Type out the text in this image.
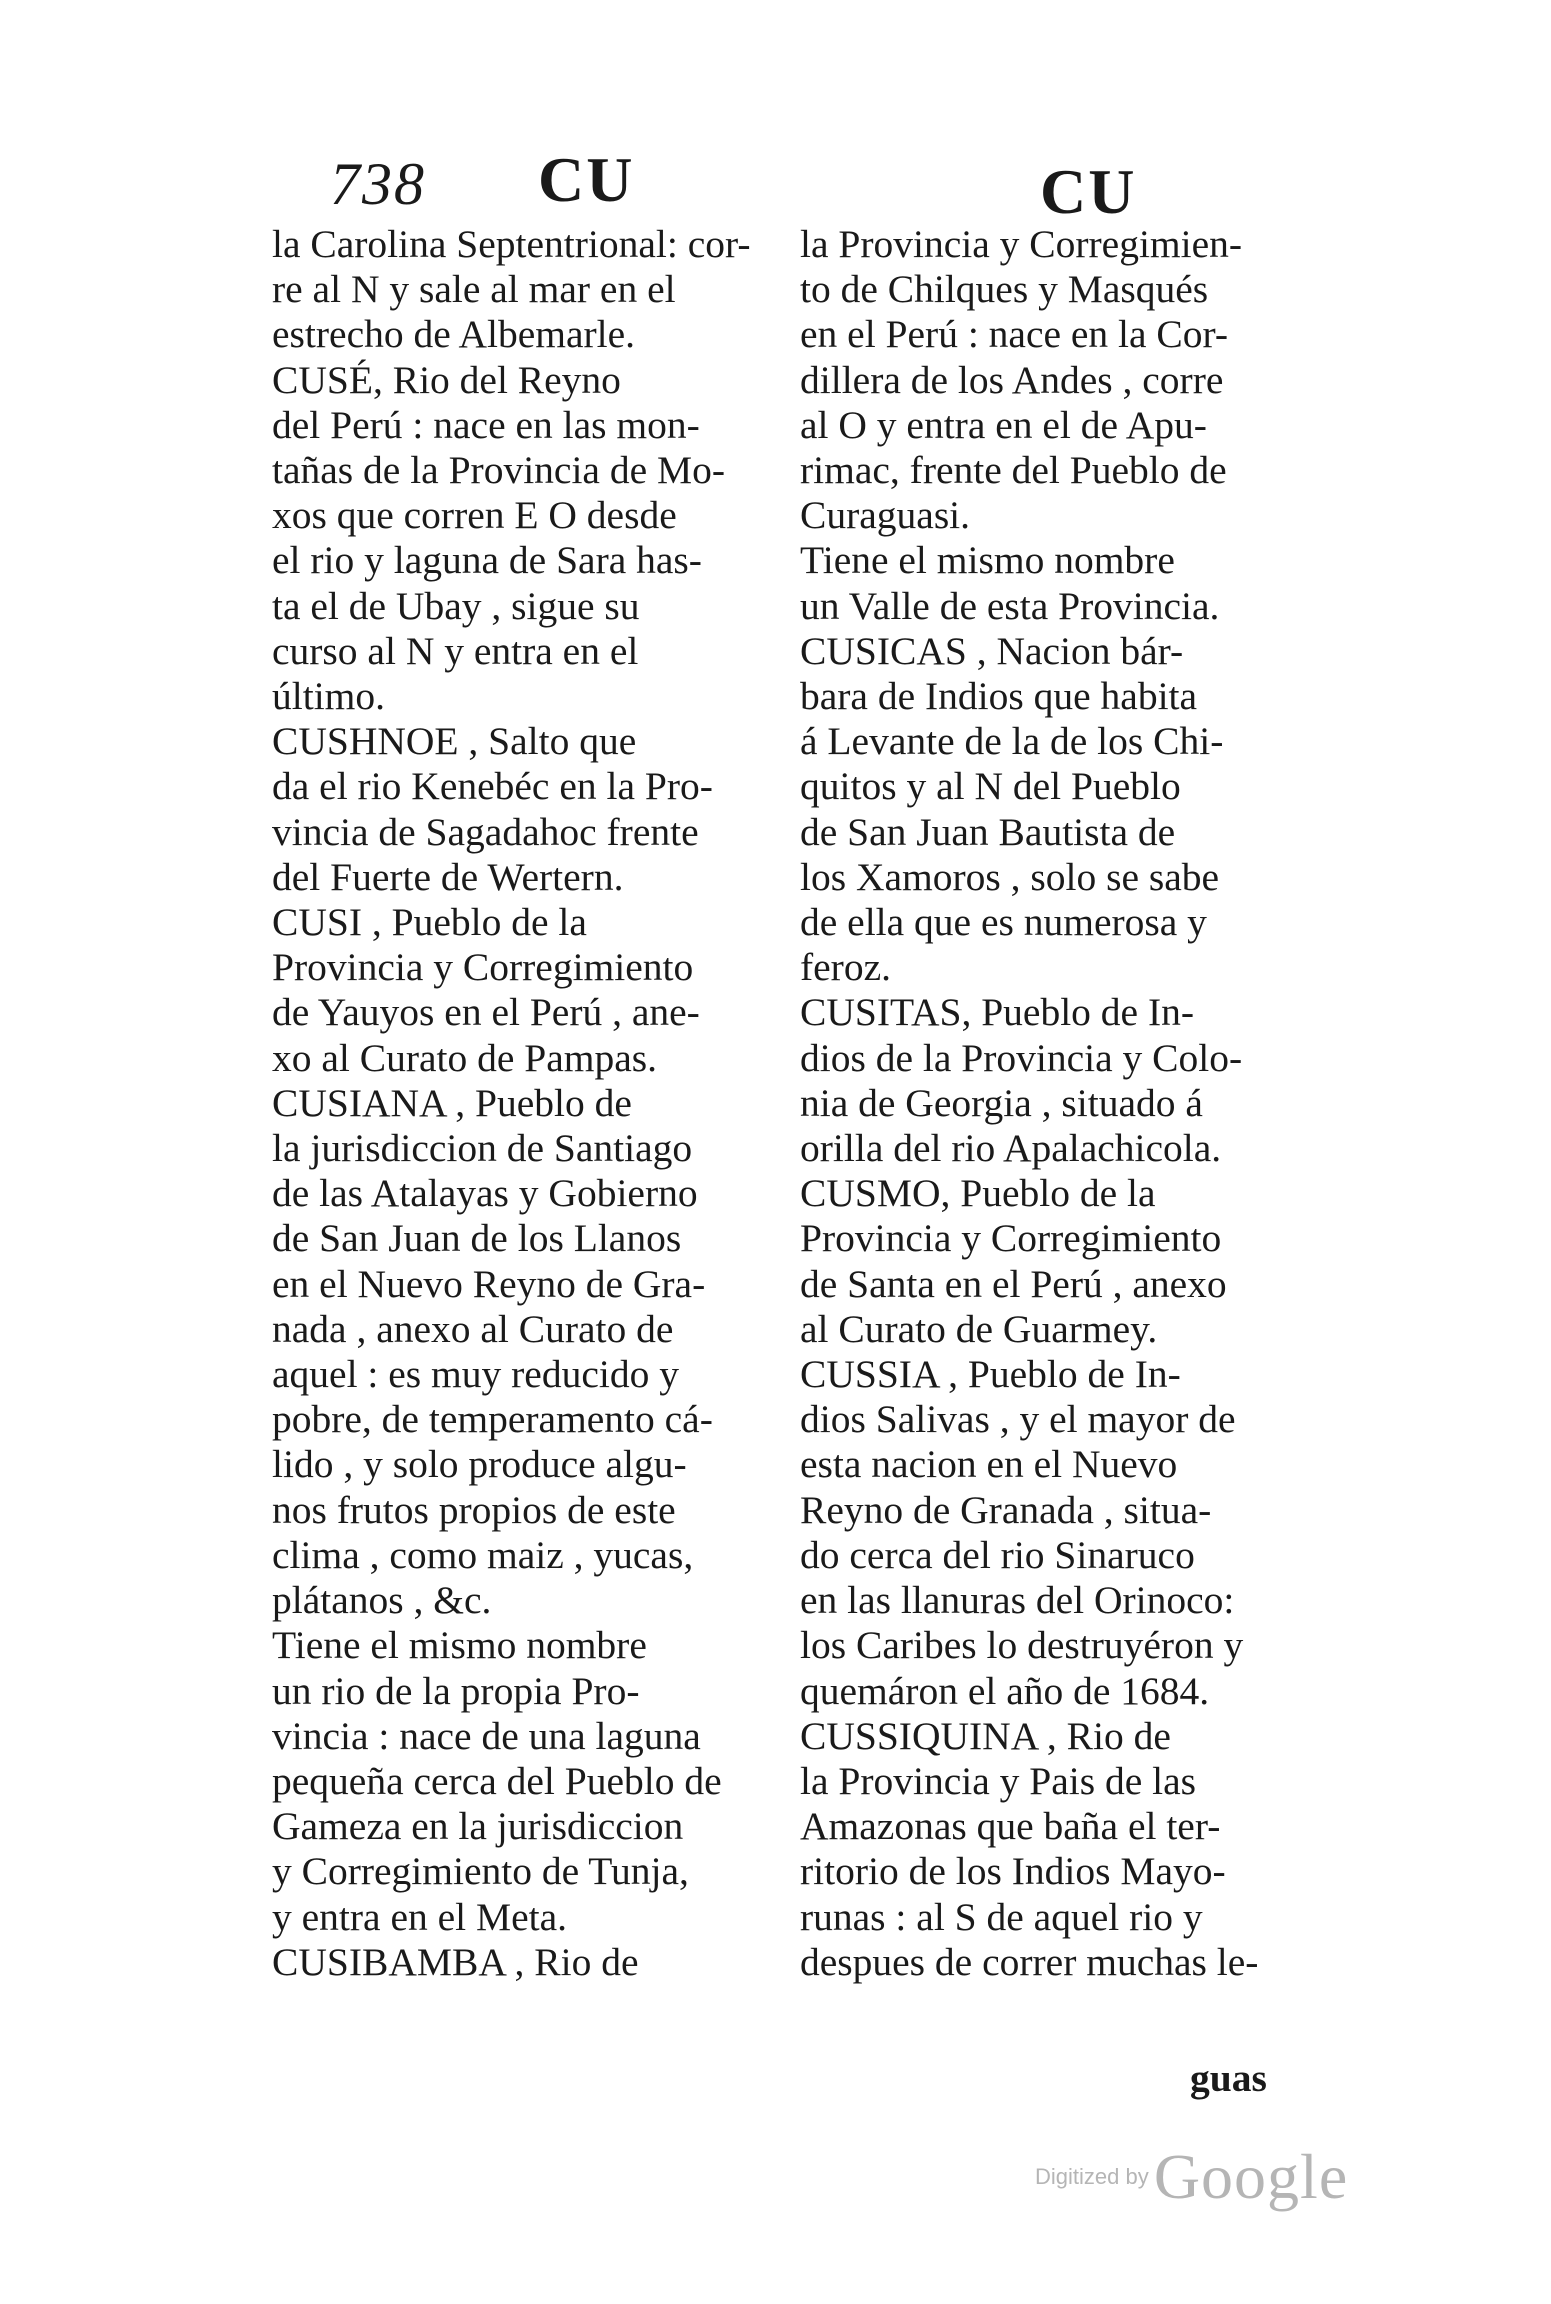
738 CU	CU
la Carolina Septentrional: cor-
re al N y sale al mar en el
estrecho de Albemarle.
CUSÉ, Rio del Reyno
del Perú : nace en las mon-
tañas de la Provincia de Mo-
xos que corren E O desde
el rio y laguna de Sara has-
ta el de Ubay , sigue su
curso al N y entra en el
último.
CUSHNOE , Salto que
da el rio Kenebéc en la Pro-
vincia de Sagadahoc frente
del Fuerte de Wertern.
CUSI , Pueblo de la
Provincia y Corregimiento
de Yauyos en el Perú , ane-
xo al Curato de Pampas.
CUSIANA , Pueblo de
la jurisdiccion de Santiago
de las Atalayas y Gobierno
de San Juan de los Llanos
en el Nuevo Reyno de Gra-
nada , anexo al Curato de
aquel : es muy reducido y
pobre, de temperamento cá-
lido , y solo produce algu-
nos frutos propios de este
clima , como maiz , yucas,
plátanos , &c.
Tiene el mismo nombre
un rio de la propia Pro-
vincia : nace de una laguna
pequeña cerca del Pueblo de
Gameza en la jurisdiccion
y Corregimiento de Tunja,
y entra en el Meta.
CUSIBAMBA , Rio de
la Provincia y Corregimien-
to de Chilques y Masqués
en el Perú : nace en la Cor-
dillera de los Andes , corre
al O y entra en el de Apu-
rimac, frente del Pueblo de
Curaguasi.
Tiene el mismo nombre
un Valle de esta Provincia.
CUSICAS , Nacion bár-
bara de Indios que habita
á Levante de la de los Chi-
quitos y al N del Pueblo
de San Juan Bautista de
los Xamoros , solo se sabe
de ella que es numerosa y
feroz.
CUSITAS, Pueblo de In-
dios de la Provincia y Colo-
nia de Georgia , situado á
orilla del rio Apalachicola.
CUSMO, Pueblo de la
Provincia y Corregimiento
de Santa en el Perú , anexo
al Curato de Guarmey.
CUSSIA , Pueblo de In-
dios Salivas , y el mayor de
esta nacion en el Nuevo
Reyno de Granada , situa-
do cerca del rio Sinaruco
en las llanuras del Orinoco:
los Caribes lo destruyéron y
quemáron el año de 1684.
CUSSIQUINA , Rio de
la Provincia y Pais de las
Amazonas que baña el ter-
ritorio de los Indios Mayo-
runas : al S de aquel rio y
despues de correr muchas le-
guas
Digitized by Google
